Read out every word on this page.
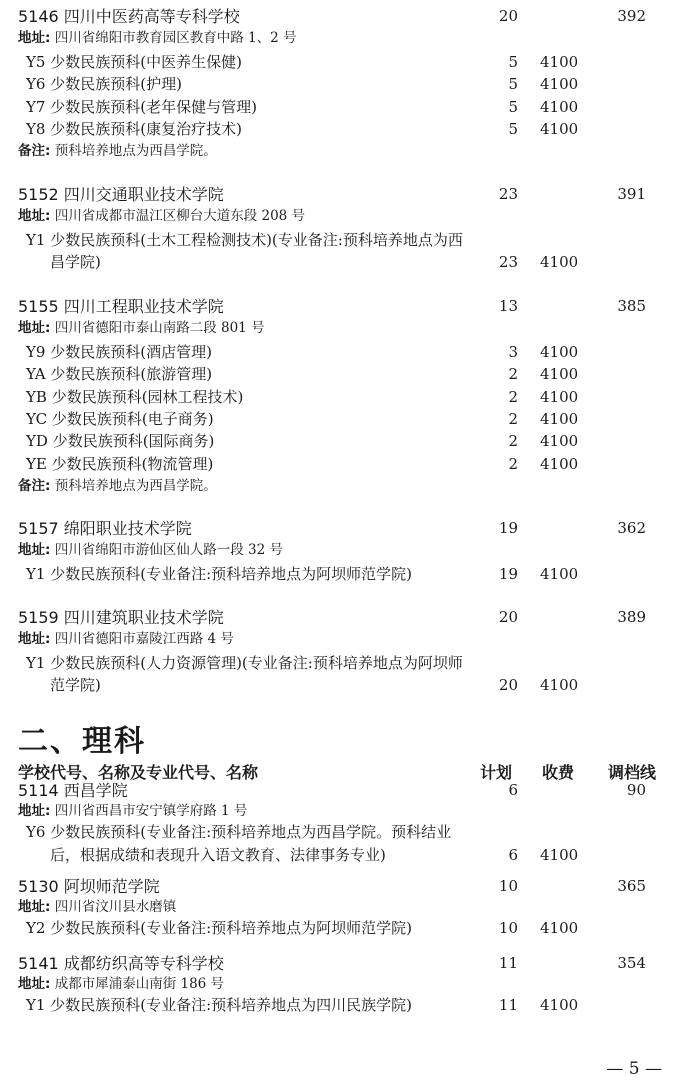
5146 四川中医药高等专科学校	20	392
地址: 四川省绵阳市教育园区教育中路 1、2 号
Y5 少数民族预科(中医养生保健)	5 4100
Y6 少数民族预科(护理)	5 4100
Y7 少数民族预科(老年保健与管理)	5 4100
Y8 少数民族预科(康复治疗技术)	5 4100
备注: 预科培养地点为西昌学院。
5152 四川交通职业技术学院	23	391
地址: 四川省成都市温江区柳台大道东段 208 号
Y1 少数民族预科(土木工程检测技术)(专业备注:预科培养地点为西
昌学院)	23 4100
5155 四川工程职业技术学院	13	385
地址: 四川省德阳市泰山南路二段 801 号
Y9 少数民族预科(酒店管理)	3 4100
YA 少数民族预科(旅游管理)	2 4100
YB 少数民族预科(园林工程技术)	2 4100
YC 少数民族预科(电子商务)	2 4100
YD 少数民族预科(国际商务)	2 4100
YE 少数民族预科(物流管理)	2 4100
备注: 预科培养地点为西昌学院。
5157 绵阳职业技术学院	19	362
地址: 四川省绵阳市游仙区仙人路一段 32 号
Y1 少数民族预科(专业备注:预科培养地点为阿坝师范学院)	19 4100
5159 四川建筑职业技术学院	20	389
地址: 四川省德阳市嘉陵江西路 4 号
Y1 少数民族预科(人力资源管理)(专业备注:预科培养地点为阿坝师
范学院)	20 4100
二、理科
学校代号、名称及专业代号、名称	计划 收费 调档线
5114 西昌学院	6	90
地址: 四川省西昌市安宁镇学府路 1 号
Y6 少数民族预科(专业备注:预科培养地点为西昌学院。预科结业
后，根据成绩和表现升入语文教育、法律事务专业)	6 4100
5130 阿坝师范学院	10	365
地址: 四川省汶川县水磨镇
Y2 少数民族预科(专业备注:预科培养地点为阿坝师范学院)	10 4100
5141 成都纺织高等专科学校	11	354
地址: 成都市犀浦泰山南街 186 号
Y1 少数民族预科(专业备注:预科培养地点为四川民族学院)	11 4100
— 5 —
